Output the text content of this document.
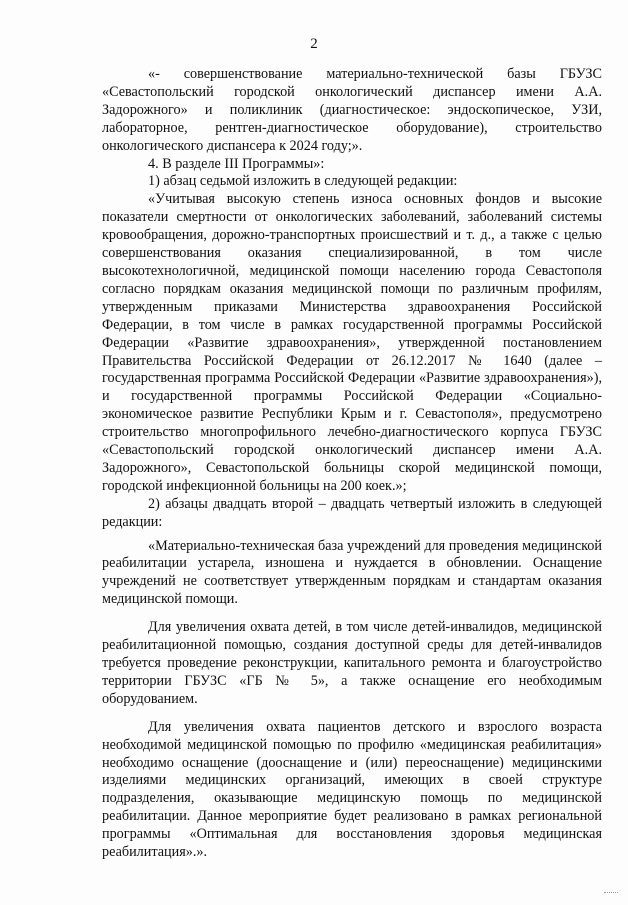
2

«- совершенствование материально-технической базы ГБУЗС «Севастопольский городской онкологический диспансер имени А.А. Задорожного» и поликлиник (диагностическое: эндоскопическое, УЗИ, лабораторное, рентген-диагностическое оборудование), строительство онкологического диспансера к 2024 году;».

4. В разделе III Программы»:

1) абзац седьмой изложить в следующей редакции:

«Учитывая высокую степень износа основных фондов и высокие показатели смертности от онкологических заболеваний, заболеваний системы кровообращения, дорожно-транспортных происшествий и т. д., а также с целью совершенствования оказания специализированной, в том числе высокотехнологичной, медицинской помощи населению города Севастополя согласно порядкам оказания медицинской помощи по различным профилям, утвержденным приказами Министерства здравоохранения Российской Федерации, в том числе в рамках государственной программы Российской Федерации «Развитие здравоохранения», утвержденной постановлением Правительства Российской Федерации от 26.12.2017 № 1640 (далее – государственная программа Российской Федерации «Развитие здравоохранения»), и государственной программы Российской Федерации «Социально-экономическое развитие Республики Крым и г. Севастополя», предусмотрено строительство многопрофильного лечебно-диагностического корпуса ГБУЗС «Севастопольский городской онкологический диспансер имени А.А. Задорожного», Севастопольской больницы скорой медицинской помощи, городской инфекционной больницы на 200 коек.»;

2) абзацы двадцать второй – двадцать четвертый изложить в следующей редакции:

«Материально-техническая база учреждений для проведения медицинской реабилитации устарела, изношена и нуждается в обновлении. Оснащение учреждений не соответствует утвержденным порядкам и стандартам оказания медицинской помощи.

Для увеличения охвата детей, в том числе детей-инвалидов, медицинской реабилитационной помощью, создания доступной среды для детей-инвалидов требуется проведение реконструкции, капитального ремонта и благоустройство территории ГБУЗС «ГБ № 5», а также оснащение его необходимым оборудованием.

Для увеличения охвата пациентов детского и взрослого возраста необходимой медицинской помощью по профилю «медицинская реабилитация» необходимо оснащение (дооснащение и (или) переоснащение) медицинскими изделиями медицинских организаций, имеющих в своей структуре подразделения, оказывающие медицинскую помощь по медицинской реабилитации. Данное мероприятие будет реализовано в рамках региональной программы «Оптимальная для восстановления здоровья медицинская реабилитация».».
